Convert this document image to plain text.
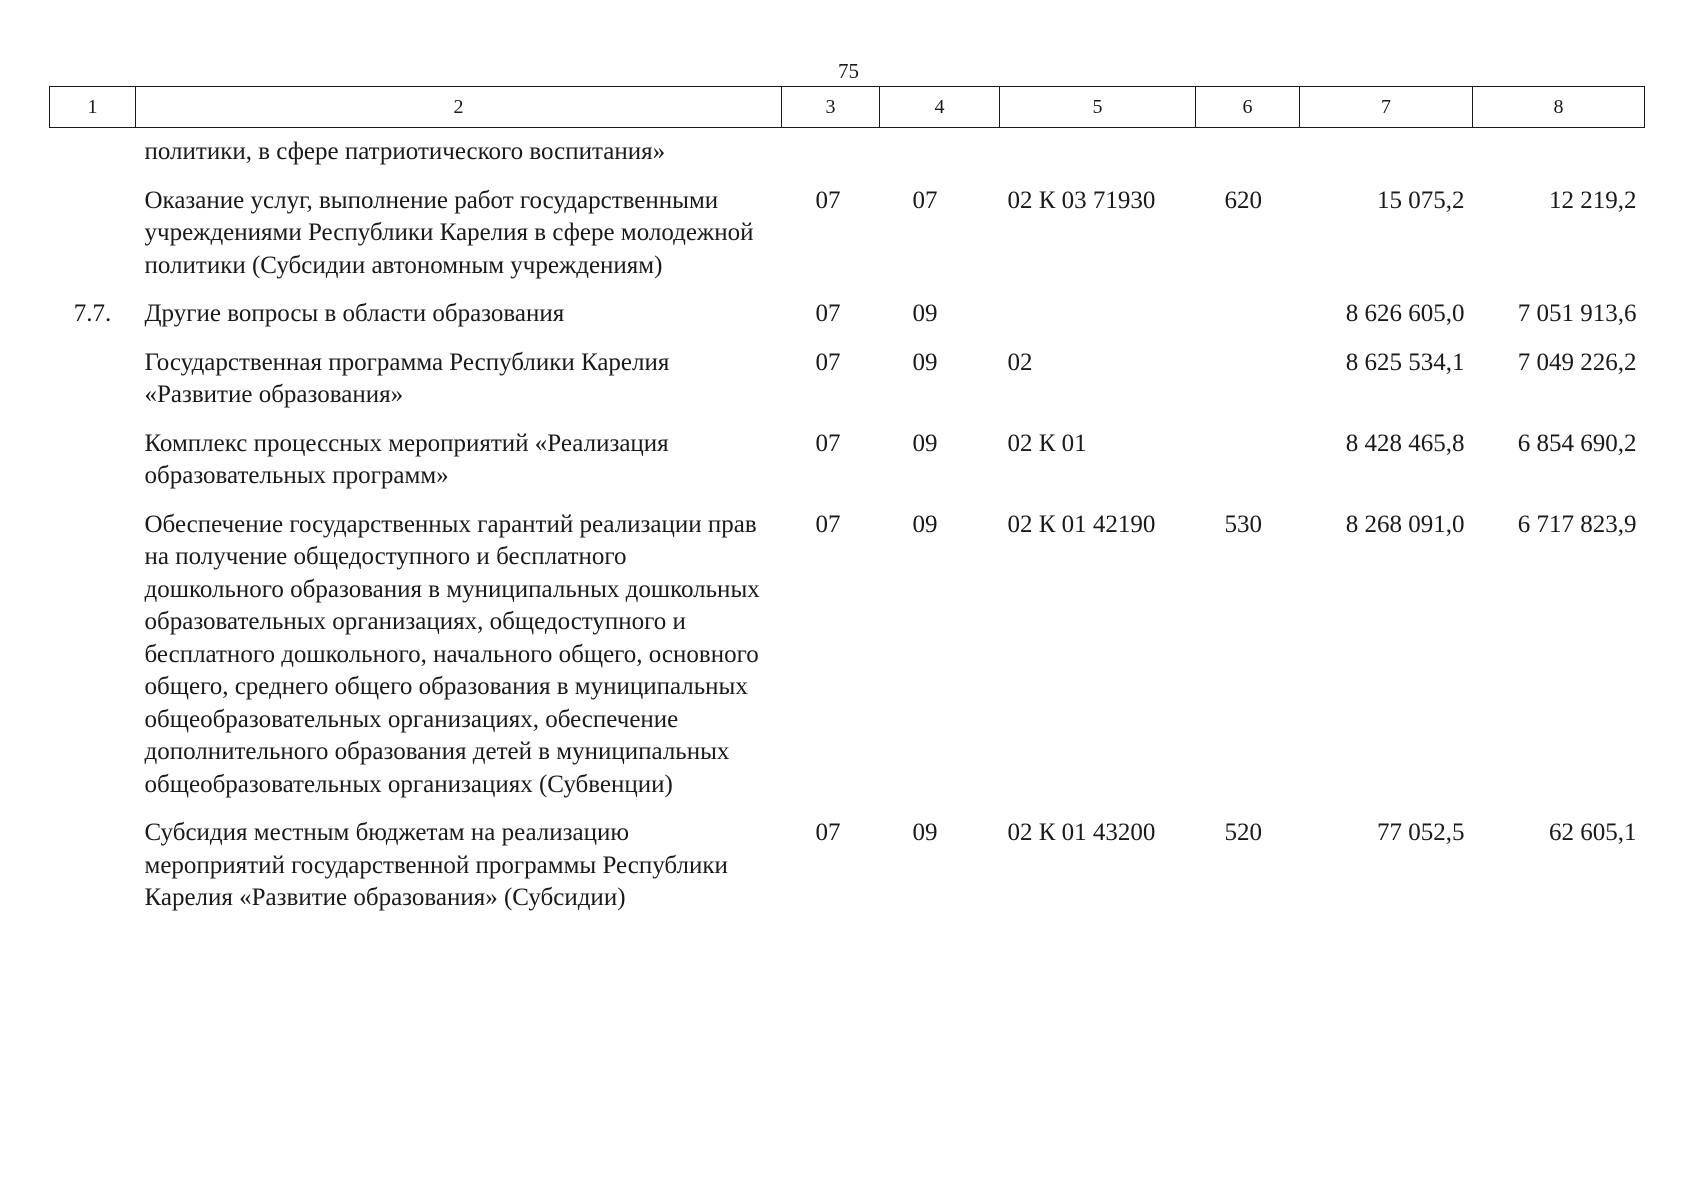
75
1	2	3	4	5	6	7	8
	политики, в сфере патриотического воспитания»						
	Оказание услуг, выполнение работ государственными учреждениями Республики Карелия в сфере молодежной политики (Субсидии автономным учреждениям)	07	07	02 К 03 71930	620	15 075,2	12 219,2
7.7.	Другие вопросы в области образования	07	09			8 626 605,0	7 051 913,6
	Государственная программа Республики Карелия «Развитие образования»	07	09	02		8 625 534,1	7 049 226,2
	Комплекс процессных мероприятий «Реализация образовательных программ»	07	09	02 К 01		8 428 465,8	6 854 690,2
	Обеспечение государственных гарантий реализации прав на получение общедоступного и бесплатного дошкольного образования в муниципальных дошкольных образовательных организациях, общедоступного и бесплатного дошкольного, начального общего, основного общего, среднего общего образования в муниципальных общеобразовательных организациях, обеспечение дополнительного образования детей в муниципальных общеобразовательных организациях (Субвенции)	07	09	02 К 01 42190	530	8 268 091,0	6 717 823,9
	Субсидия местным бюджетам на реализацию мероприятий государственной программы Республики Карелия «Развитие образования» (Субсидии)	07	09	02 К 01 43200	520	77 052,5	62 605,1
